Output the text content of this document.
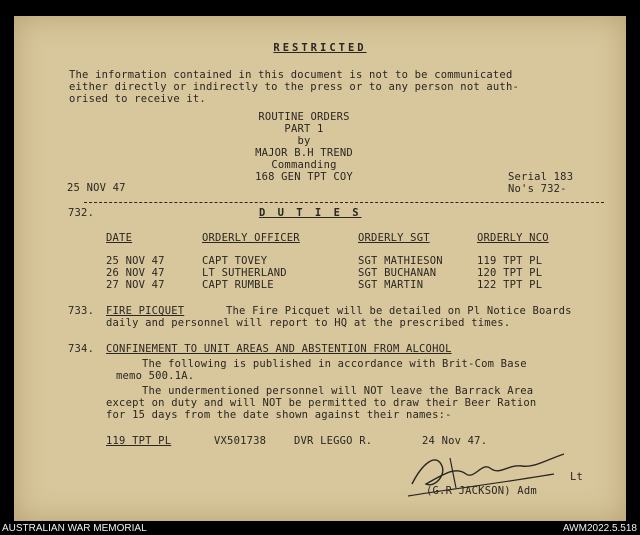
RESTRICTED
The information contained in this document is not to be communicated
either directly or indirectly to the press or to any person not auth-
orised to receive it.
ROUTINE ORDERS
PART 1
by
MAJOR B.H TREND
Commanding
168 GEN TPT COY
25 NOV 47
Serial 183
No's 732-
732.	D U T I E S
DATE	ORDERLY OFFICER	ORDERLY SGT	ORDERLY NCO
25 NOV 47	CAPT TOVEY	SGT MATHIESON	119 TPT PL
26 NOV 47	LT SUTHERLAND	SGT BUCHANAN	120 TPT PL
27 NOV 47	CAPT RUMBLE	SGT MARTIN	122 TPT PL
733. FIRE PICQUET	The Fire Picquet will be detailed on Pl Notice Boards
daily and personnel will report to HQ at the prescribed times.
734. CONFINEMENT TO UNIT AREAS AND ABSTENTION FROM ALCOHOL
The following is published in accordance with Brit-Com Base
memo 500.1A.
The undermentioned personnel will NOT leave the Barrack Area
except on duty and will NOT be permitted to draw their Beer Ration
for 15 days from the date shown against their names:-
119 TPT PL	VX501738	DVR LEGGO R.	24 Nov 47.
Lt
(G.R JACKSON) Adm
AUSTRALIAN WAR MEMORIAL	AWM2022.5.518
